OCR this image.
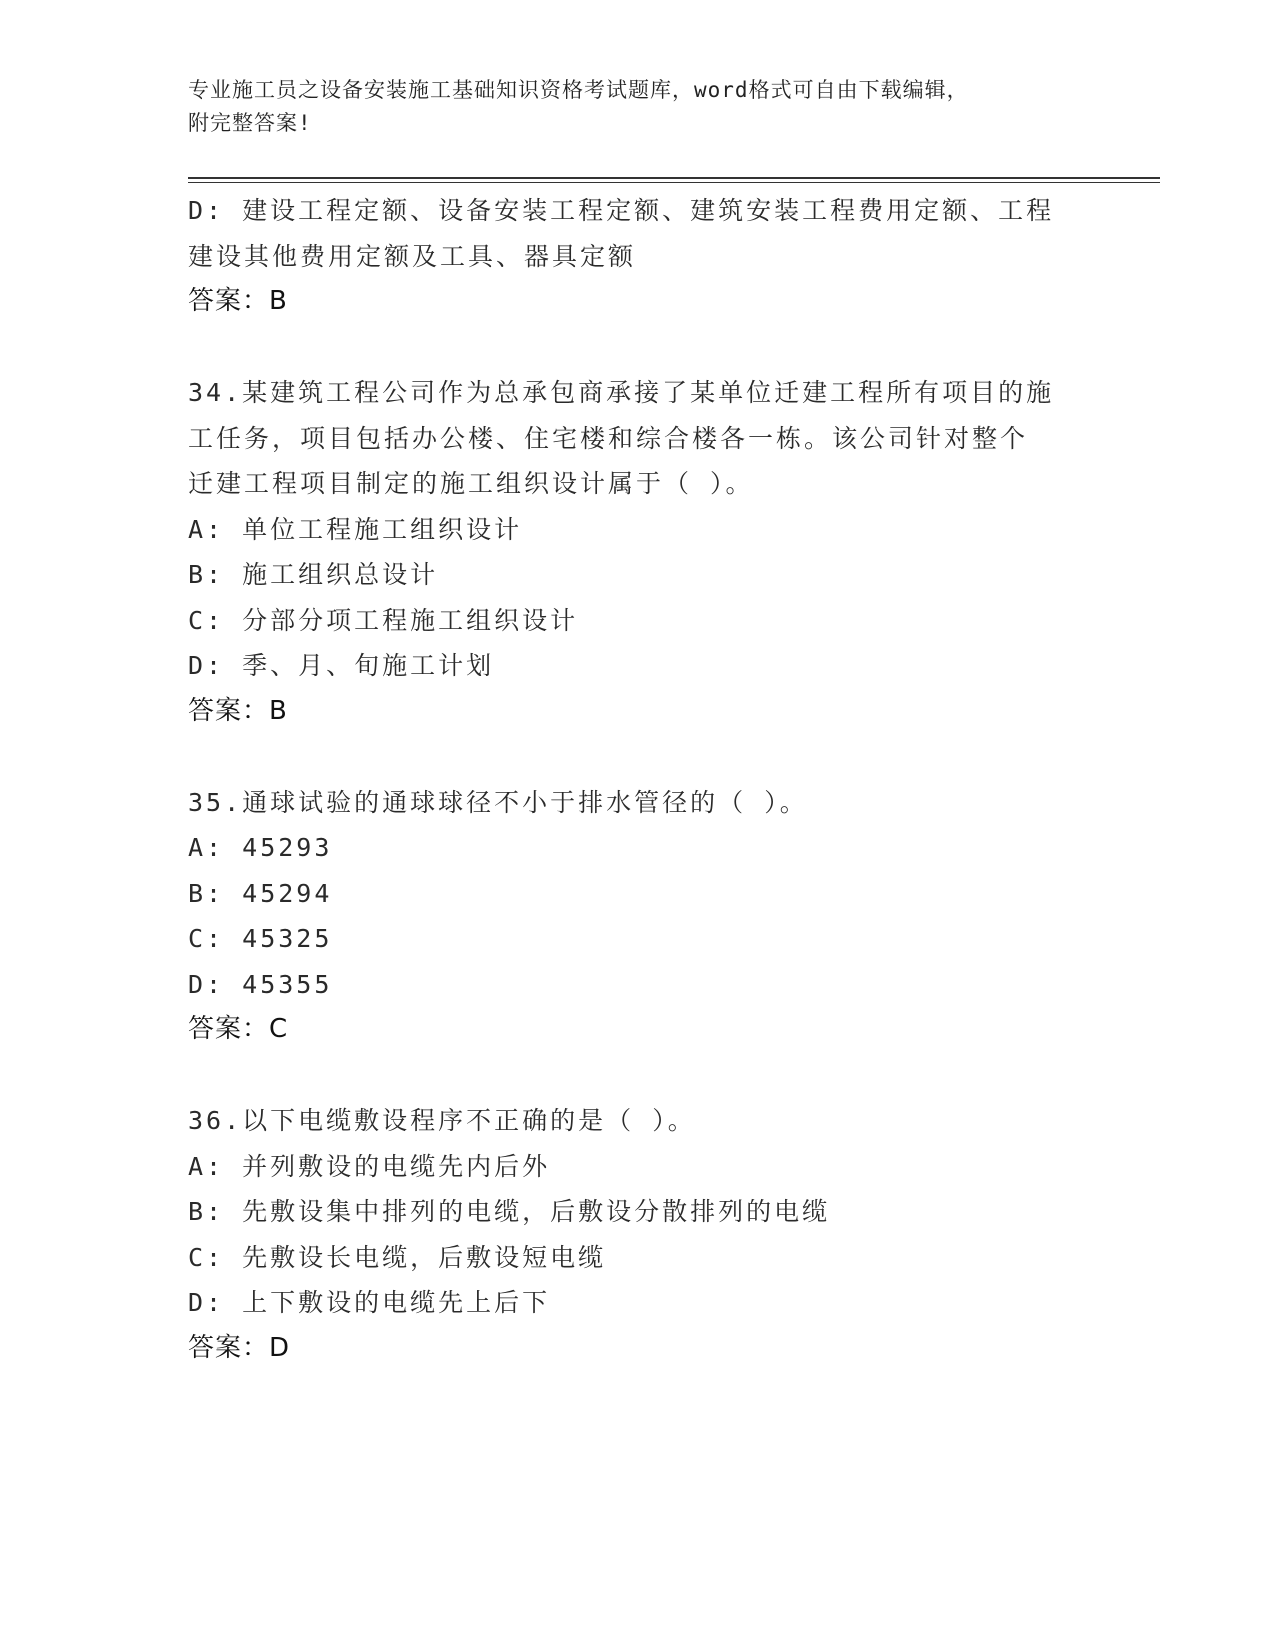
专业施工员之设备安装施工基础知识资格考试题库，word格式可自由下载编辑，
附完整答案!
D: 建设工程定额、设备安装工程定额、建筑安装工程费用定额、工程
建设其他费用定额及工具、器具定额
答案：B
34.某建筑工程公司作为总承包商承接了某单位迁建工程所有项目的施
工任务，项目包括办公楼、住宅楼和综合楼各一栋。该公司针对整个
迁建工程项目制定的施工组织设计属于（ ）。
A: 单位工程施工组织设计
B: 施工组织总设计
C: 分部分项工程施工组织设计
D: 季、月、旬施工计划
答案：B
35.通球试验的通球球径不小于排水管径的（ ）。
A: 45293
B: 45294
C: 45325
D: 45355
答案：C
36.以下电缆敷设程序不正确的是（ ）。
A: 并列敷设的电缆先内后外
B: 先敷设集中排列的电缆，后敷设分散排列的电缆
C: 先敷设长电缆，后敷设短电缆
D: 上下敷设的电缆先上后下
答案：D
